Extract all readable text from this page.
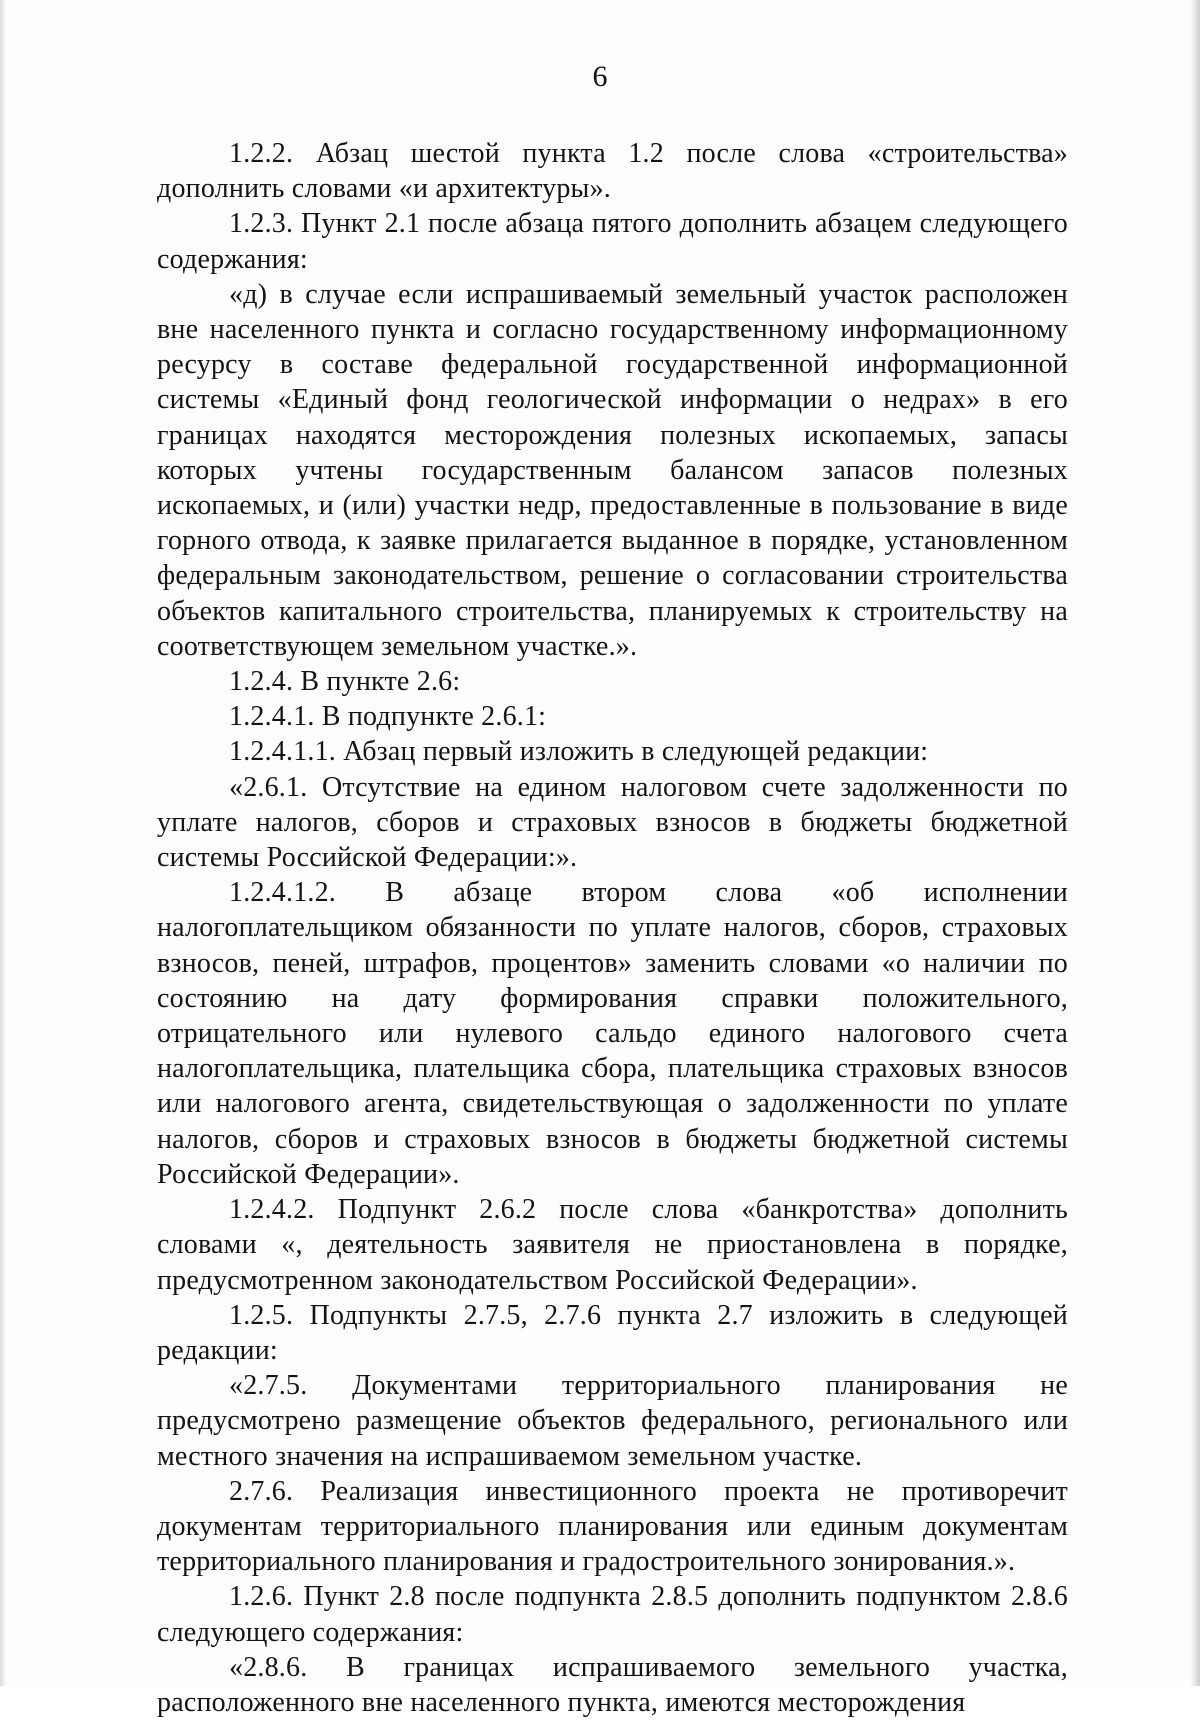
6

1.2.2. Абзац шестой пункта 1.2 после слова «строительства» дополнить словами «и архитектуры».

1.2.3. Пункт 2.1 после абзаца пятого дополнить абзацем следующего содержания:

«д) в случае если испрашиваемый земельный участок расположен вне населенного пункта и согласно государственному информационному ресурсу в составе федеральной государственной информационной системы «Единый фонд геологической информации о недрах» в его границах находятся месторождения полезных ископаемых, запасы которых учтены государственным балансом запасов полезных ископаемых, и (или) участки недр, предоставленные в пользование в виде горного отвода, к заявке прилагается выданное в порядке, установленном федеральным законодательством, решение о согласовании строительства объектов капитального строительства, планируемых к строительству на соответствующем земельном участке.».

1.2.4. В пункте 2.6:

1.2.4.1. В подпункте 2.6.1:

1.2.4.1.1. Абзац первый изложить в следующей редакции:

«2.6.1. Отсутствие на едином налоговом счете задолженности по уплате налогов, сборов и страховых взносов в бюджеты бюджетной системы Российской Федерации:».

1.2.4.1.2. В абзаце втором слова «об исполнении налогоплательщиком обязанности по уплате налогов, сборов, страховых взносов, пеней, штрафов, процентов» заменить словами «о наличии по состоянию на дату формирования справки положительного, отрицательного или нулевого сальдо единого налогового счета налогоплательщика, плательщика сбора, плательщика страховых взносов или налогового агента, свидетельствующая о задолженности по уплате налогов, сборов и страховых взносов в бюджеты бюджетной системы Российской Федерации».

1.2.4.2. Подпункт 2.6.2 после слова «банкротства» дополнить словами «, деятельность заявителя не приостановлена в порядке, предусмотренном законодательством Российской Федерации».

1.2.5. Подпункты 2.7.5, 2.7.6 пункта 2.7 изложить в следующей редакции:

«2.7.5. Документами территориального планирования не предусмотрено размещение объектов федерального, регионального или местного значения на испрашиваемом земельном участке.

2.7.6. Реализация инвестиционного проекта не противоречит документам территориального планирования или единым документам территориального планирования и градостроительного зонирования.».

1.2.6. Пункт 2.8 после подпункта 2.8.5 дополнить подпунктом 2.8.6 следующего содержания:

«2.8.6. В границах испрашиваемого земельного участка, расположенного вне населенного пункта, имеются месторождения
